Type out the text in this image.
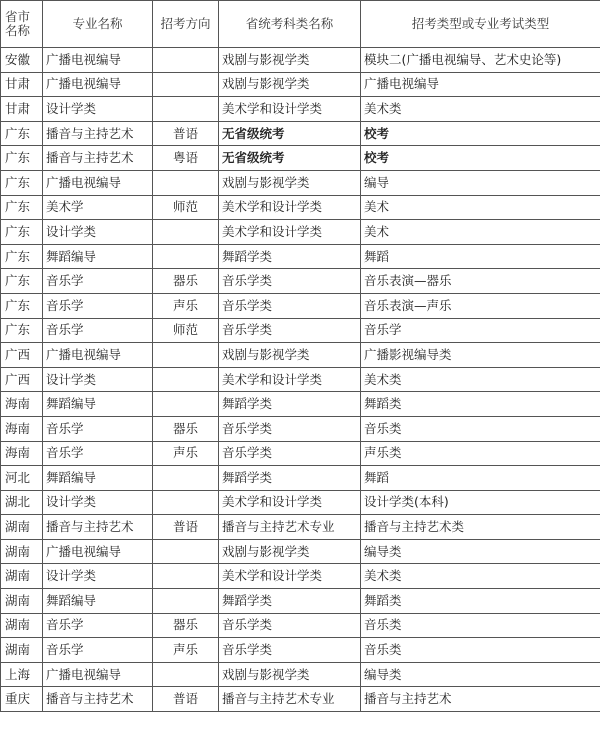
省市名称	专业名称	招考方向	省统考科类名称	招考类型或专业考试类型
安徽	广播电视编导		戏剧与影视学类	模块二(广播电视编导、艺术史论等)
甘肃	广播电视编导		戏剧与影视学类	广播电视编导
甘肃	设计学类		美术学和设计学类	美术类
广东	播音与主持艺术	普语	无省级统考	校考
广东	播音与主持艺术	粤语	无省级统考	校考
广东	广播电视编导		戏剧与影视学类	编导
广东	美术学	师范	美术学和设计学类	美术
广东	设计学类		美术学和设计学类	美术
广东	舞蹈编导		舞蹈学类	舞蹈
广东	音乐学	器乐	音乐学类	音乐表演—器乐
广东	音乐学	声乐	音乐学类	音乐表演—声乐
广东	音乐学	师范	音乐学类	音乐学
广西	广播电视编导		戏剧与影视学类	广播影视编导类
广西	设计学类		美术学和设计学类	美术类
海南	舞蹈编导		舞蹈学类	舞蹈类
海南	音乐学	器乐	音乐学类	音乐类
海南	音乐学	声乐	音乐学类	声乐类
河北	舞蹈编导		舞蹈学类	舞蹈
湖北	设计学类		美术学和设计学类	设计学类(本科)
湖南	播音与主持艺术	普语	播音与主持艺术专业	播音与主持艺术类
湖南	广播电视编导		戏剧与影视学类	编导类
湖南	设计学类		美术学和设计学类	美术类
湖南	舞蹈编导		舞蹈学类	舞蹈类
湖南	音乐学	器乐	音乐学类	音乐类
湖南	音乐学	声乐	音乐学类	音乐类
上海	广播电视编导		戏剧与影视学类	编导类
重庆	播音与主持艺术	普语	播音与主持艺术专业	播音与主持艺术
